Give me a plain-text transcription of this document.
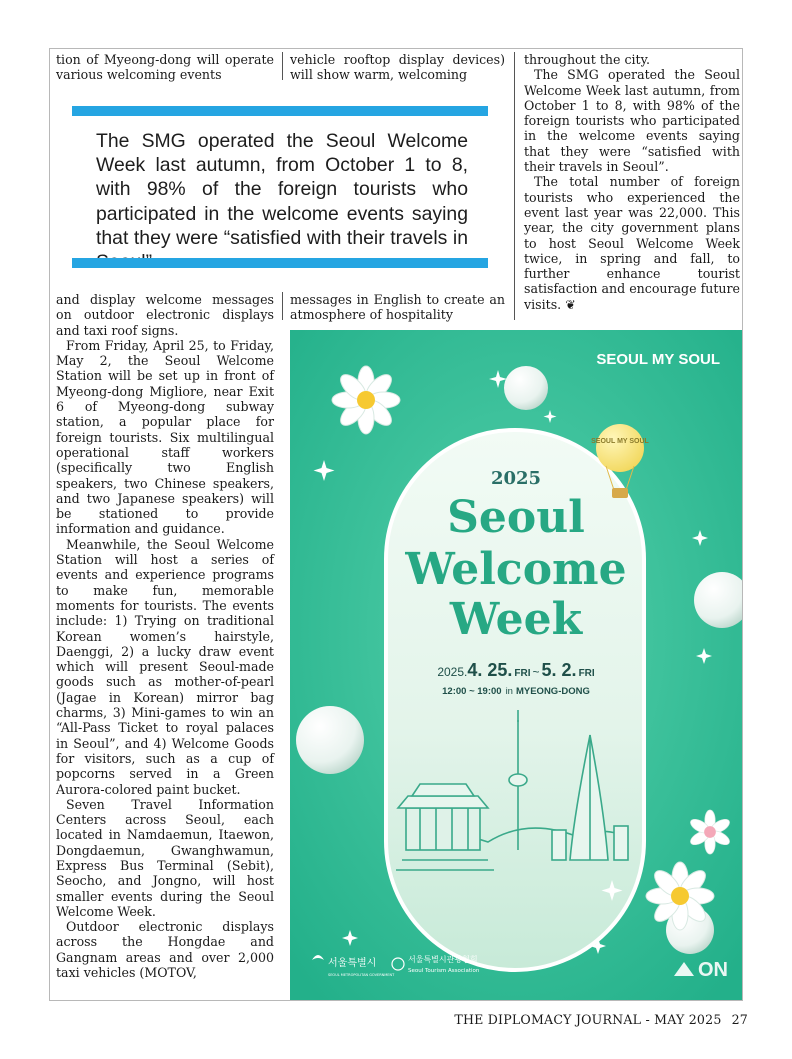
tion of Myeong-dong will operate various welcoming events

vehicle rooftop display devices) will show warm, welcoming

The SMG operated the Seoul Welcome Week last autumn, from October 1 to 8, with 98% of the foreign tourists who participated in the welcome events saying that they were “satisfied with their travels in

and display welcome messages on outdoor electronic displays and taxi roof signs.

From Friday, April 25, to Friday, May 2, the Seoul Welcome Station will be set up in front of Myeong-dong Migliore, near Exit 6 of Myeong-dong subway station, a popular place for foreign tourists. Six multilingual operational staff workers (specifically two English speakers, two Chinese speakers, and two Japanese speakers) will be stationed to provide information and guidance.

Meanwhile, the Seoul Welcome Station will host a series of events and experience programs to make fun, memorable moments for tourists. The events include: 1) Trying on traditional Korean women’s hairstyle, Daenggi, 2) a lucky draw event which will present Seoul-made goods such as mother-of-pearl (Jagae in Korean) mirror bag charms, 3) Mini-games to win an “All-Pass Ticket to royal palaces in Seoul”, and 4) Welcome Goods for visitors, such as a cup of popcorns served in a Green Aurora-colored paint bucket.

Seven Travel Information Centers across Seoul, each located in Namdaemun, Itaewon, Dongdaemun, Gwanghwamun, Express Bus Terminal (Sebit), Seocho, and Jongno, will host smaller events during the Seoul Welcome Week.

Outdoor electronic displays across the Hongdae and Gangnam areas and over 2,000 taxi vehicles (MOTOV,

messages in English to create an atmosphere of hospitality

throughout the city.

The SMG operated the Seoul Welcome Week last autumn, from October 1 to 8, with 98% of the foreign tourists who participated in the welcome events saying that they were “satisfied with their travels in Seoul”.

The total number of foreign tourists who experienced the event last year was 22,000. This year, the city government plans to host Seoul Welcome Week twice, in spring and fall, to further enhance tourist satisfaction and encourage future visits. ❦

SEOUL MY SOUL
SEOUL MY SOUL
2025
Seoul
Welcome
Week
2025.4. 25. FRI ~ 5. 2. FRI
12:00 ~ 19:00 in MYEONG-DONG
서울특별시
SEOUL METROPOLITAN GOVERNMENT
서울특별시관광협회
Seoul Tourism Association	ON
THE DIPLOMACY JOURNAL - MAY 2025 27
